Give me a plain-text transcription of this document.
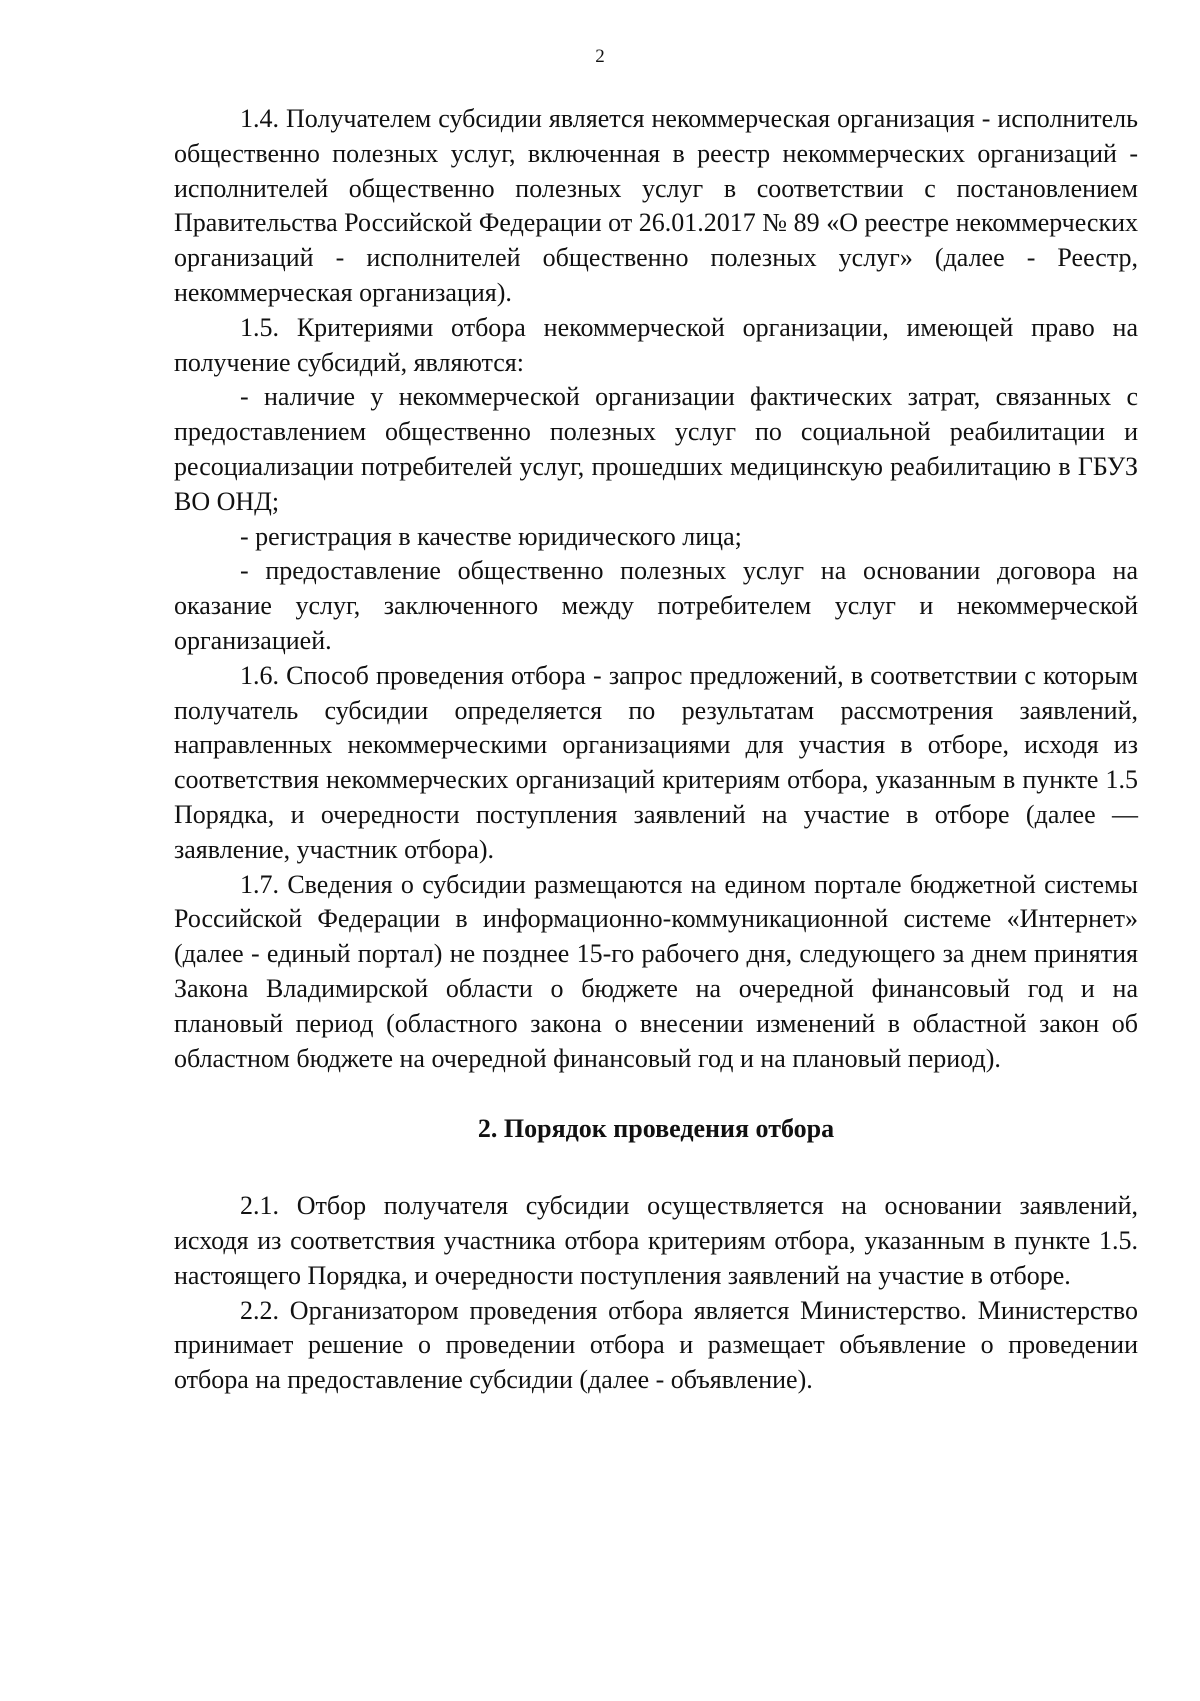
2

1.4. Получателем субсидии является некоммерческая организация - исполнитель общественно полезных услуг, включенная в реестр некоммерческих организаций - исполнителей общественно полезных услуг в соответствии с постановлением Правительства Российской Федерации от 26.01.2017 № 89 «О реестре некоммерческих организаций - исполнителей общественно полезных услуг» (далее - Реестр, некоммерческая организация).

1.5. Критериями отбора некоммерческой организации, имеющей право на получение субсидий, являются:

- наличие у некоммерческой организации фактических затрат, связанных с предоставлением общественно полезных услуг по социальной реабилитации и ресоциализации потребителей услуг, прошедших медицинскую реабилитацию в ГБУЗ ВО ОНД;

- регистрация в качестве юридического лица;

- предоставление общественно полезных услуг на основании договора на оказание услуг, заключенного между потребителем услуг и некоммерческой организацией.

1.6. Способ проведения отбора - запрос предложений, в соответствии с которым получатель субсидии определяется по результатам рассмотрения заявлений, направленных некоммерческими организациями для участия в отборе, исходя из соответствия некоммерческих организаций критериям отбора, указанным в пункте 1.5 Порядка, и очередности поступления заявлений на участие в отборе (далее — заявление, участник отбора).

1.7. Сведения о субсидии размещаются на едином портале бюджетной системы Российской Федерации в информационно-коммуникационной системе «Интернет» (далее - единый портал) не позднее 15-го рабочего дня, следующего за днем принятия Закона Владимирской области о бюджете на очередной финансовый год и на плановый период (областного закона о внесении изменений в областной закон об областном бюджете на очередной финансовый год и на плановый период).

2. Порядок проведения отбора

2.1. Отбор получателя субсидии осуществляется на основании заявлений, исходя из соответствия участника отбора критериям отбора, указанным в пункте 1.5. настоящего Порядка, и очередности поступления заявлений на участие в отборе.

2.2. Организатором проведения отбора является Министерство. Министерство принимает решение о проведении отбора и размещает объявление о проведении отбора на предоставление субсидии (далее - объявление).
